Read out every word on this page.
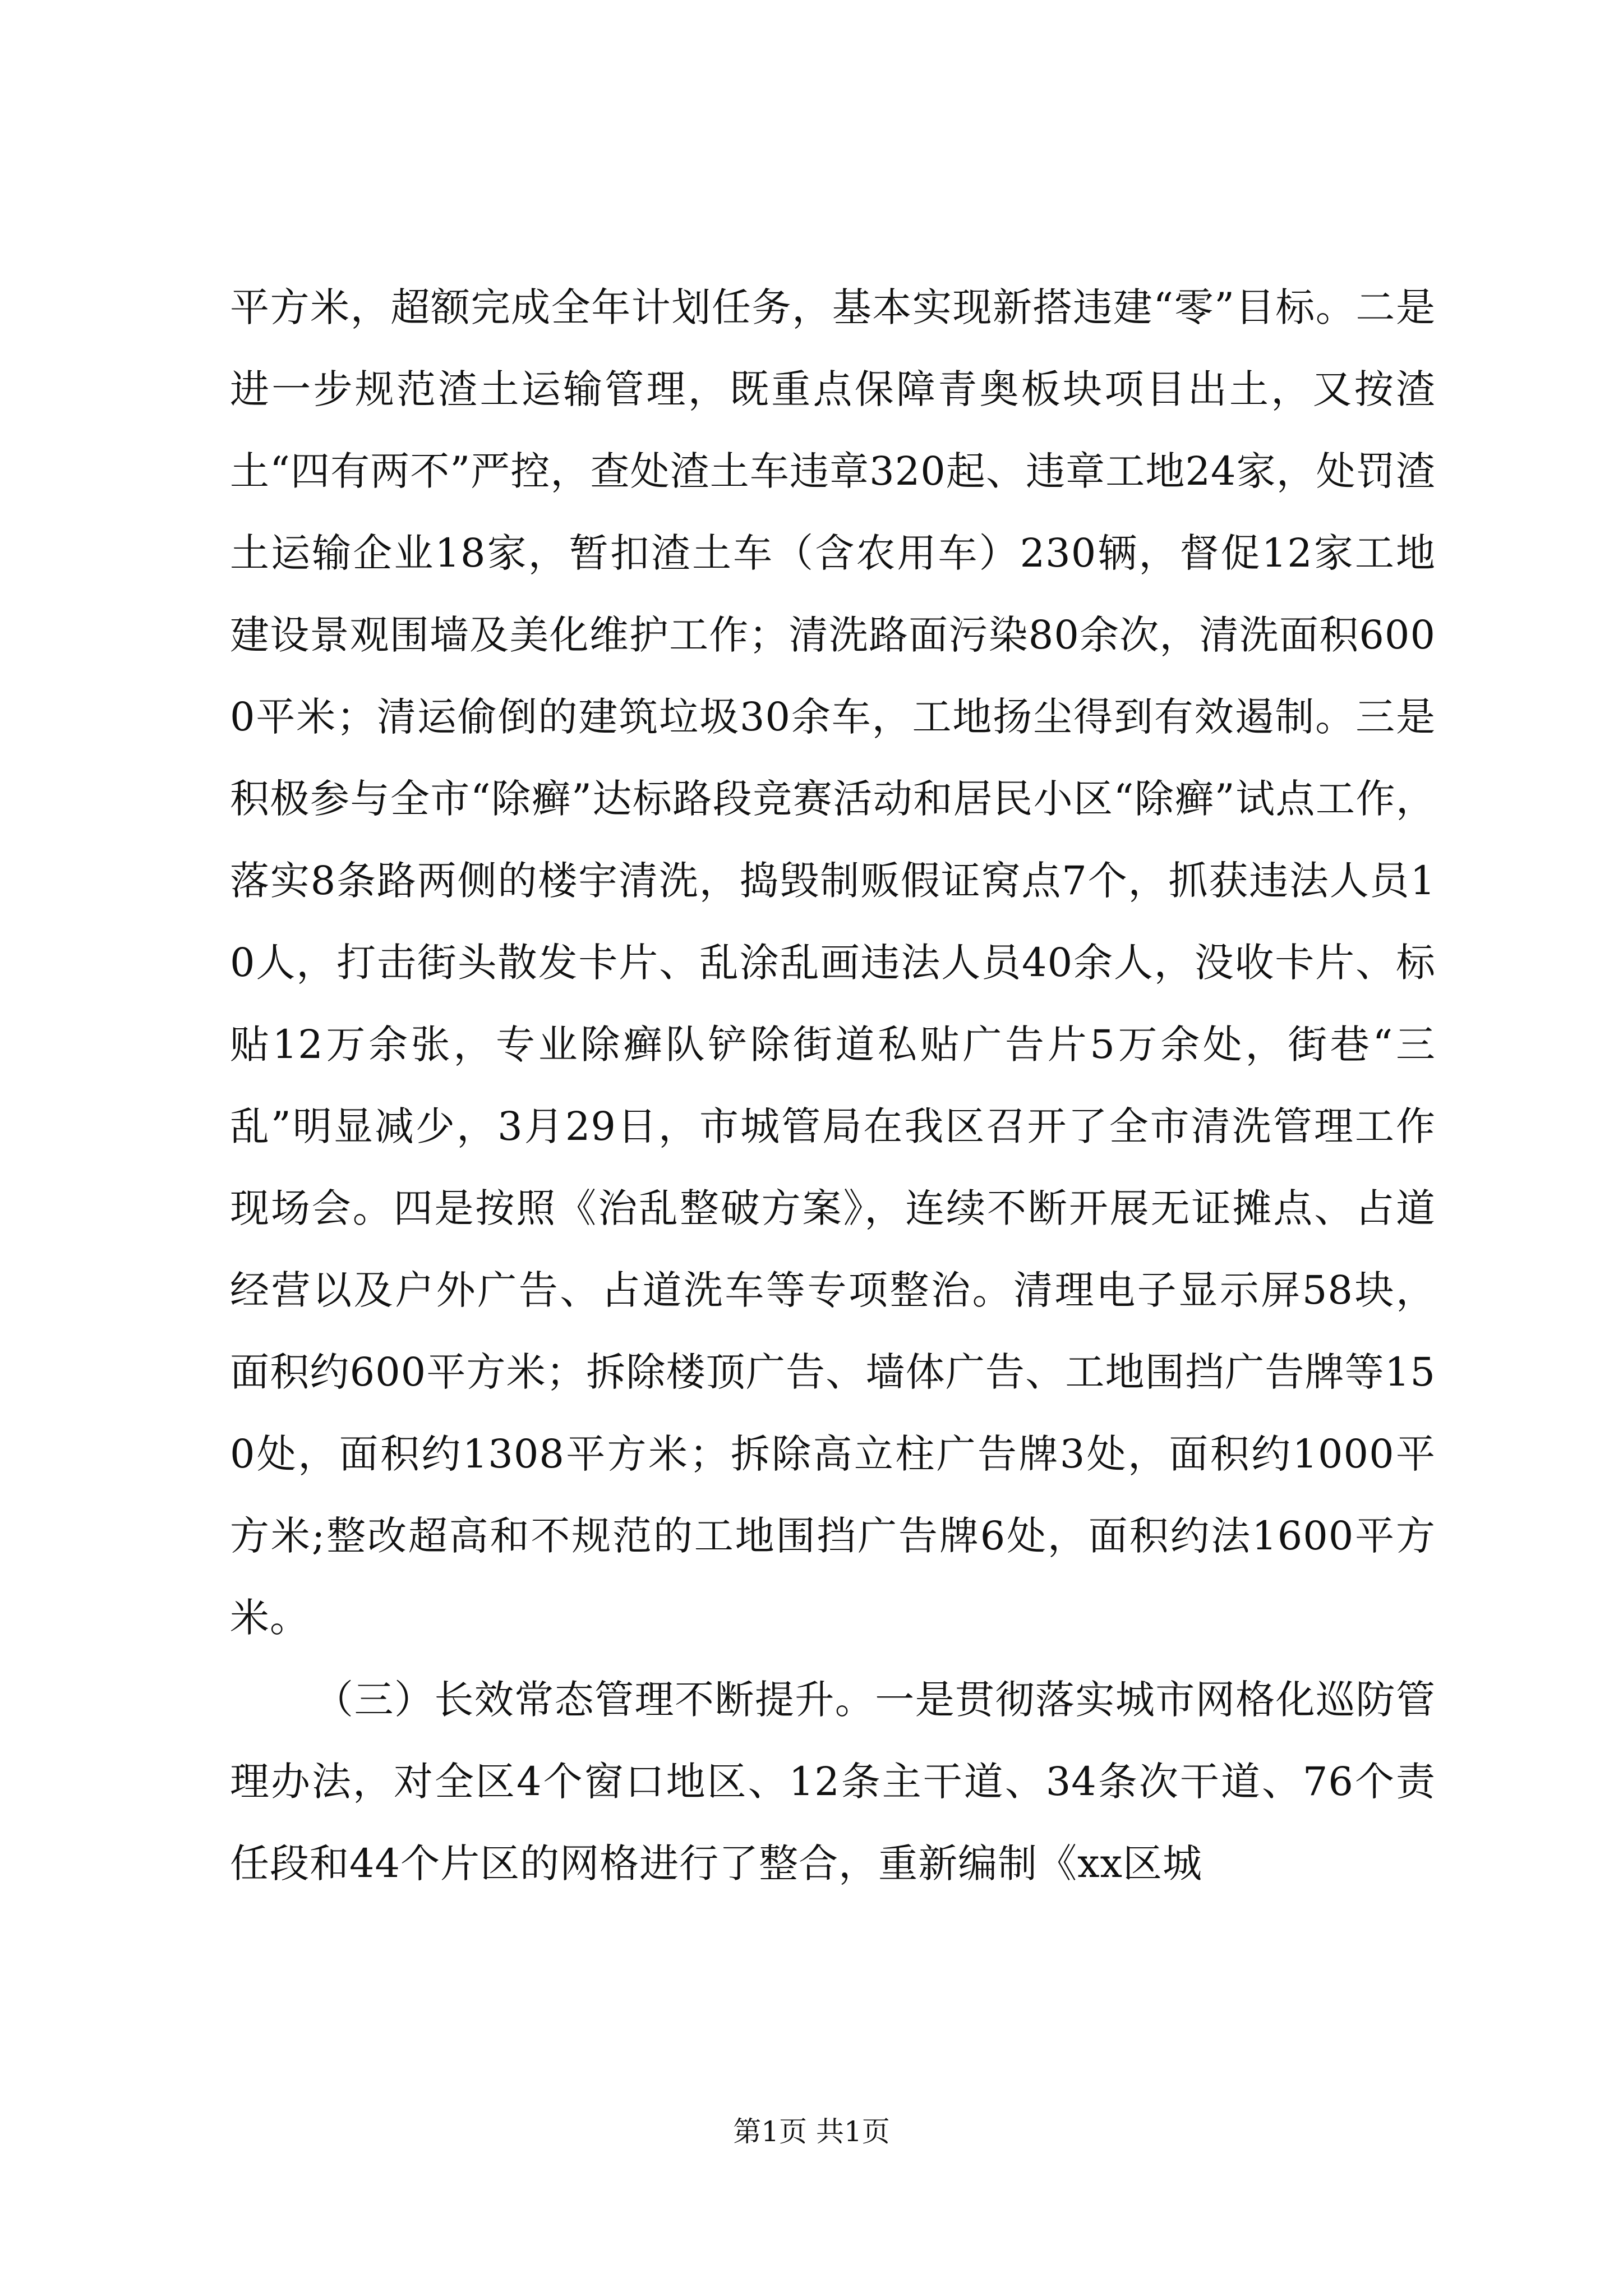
平方米，超额完成全年计划任务，基本实现新搭违建“零”目标。二是进一步规范渣土运输管理，既重点保障青奥板块项目出土，又按渣土“四有两不”严控，查处渣土车违章320起、违章工地24家，处罚渣土运输企业18家，暂扣渣土车（含农用车）230辆，督促12家工地建设景观围墙及美化维护工作；清洗路面污染80余次，清洗面积6000平米；清运偷倒的建筑垃圾30余车，工地扬尘得到有效遏制。三是积极参与全市“除癣”达标路段竞赛活动和居民小区“除癣”试点工作，落实8条路两侧的楼宇清洗，捣毁制贩假证窝点7个，抓获违法人员10人，打击街头散发卡片、乱涂乱画违法人员40余人，没收卡片、标贴12万余张，专业除癣队铲除街道私贴广告片5万余处，街巷“三乱”明显减少，3月29日，市城管局在我区召开了全市清洗管理工作现场会。四是按照《治乱整破方案》，连续不断开展无证摊点、占道经营以及户外广告、占道洗车等专项整治。清理电子显示屏58块，面积约600平方米；拆除楼顶广告、墙体广告、工地围挡广告牌等150处，面积约1308平方米；拆除高立柱广告牌3处，面积约1000平方米;整改超高和不规范的工地围挡广告牌6处，面积约法1600平方米。

（三）长效常态管理不断提升。一是贯彻落实城市网格化巡防管理办法，对全区4个窗口地区、12条主干道、34条次干道、76个责任段和44个片区的网格进行了整合，重新编制《xx区城

第1页 共1页
